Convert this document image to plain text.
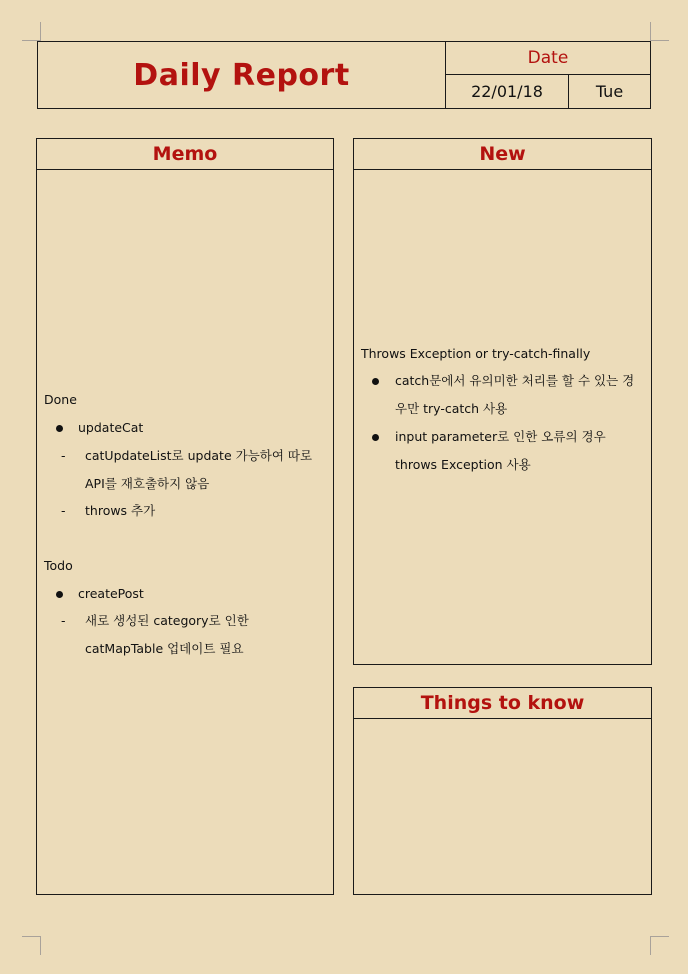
Daily Report	Date
22/01/18	Tue
Memo	New
Things to know
Done
updateCat
- catUpdateList로 update 가능하여 따로
API를 재호출하지 않음
- throws 추가
Todo
createPost
- 새로 생성된 category로 인한
catMapTable 업데이트 필요
Throws Exception or try-catch-finally
catch문에서 유의미한 처리를 할 수 있는 경
우만 try-catch 사용
input parameter로 인한 오류의 경우
throws Exception 사용
